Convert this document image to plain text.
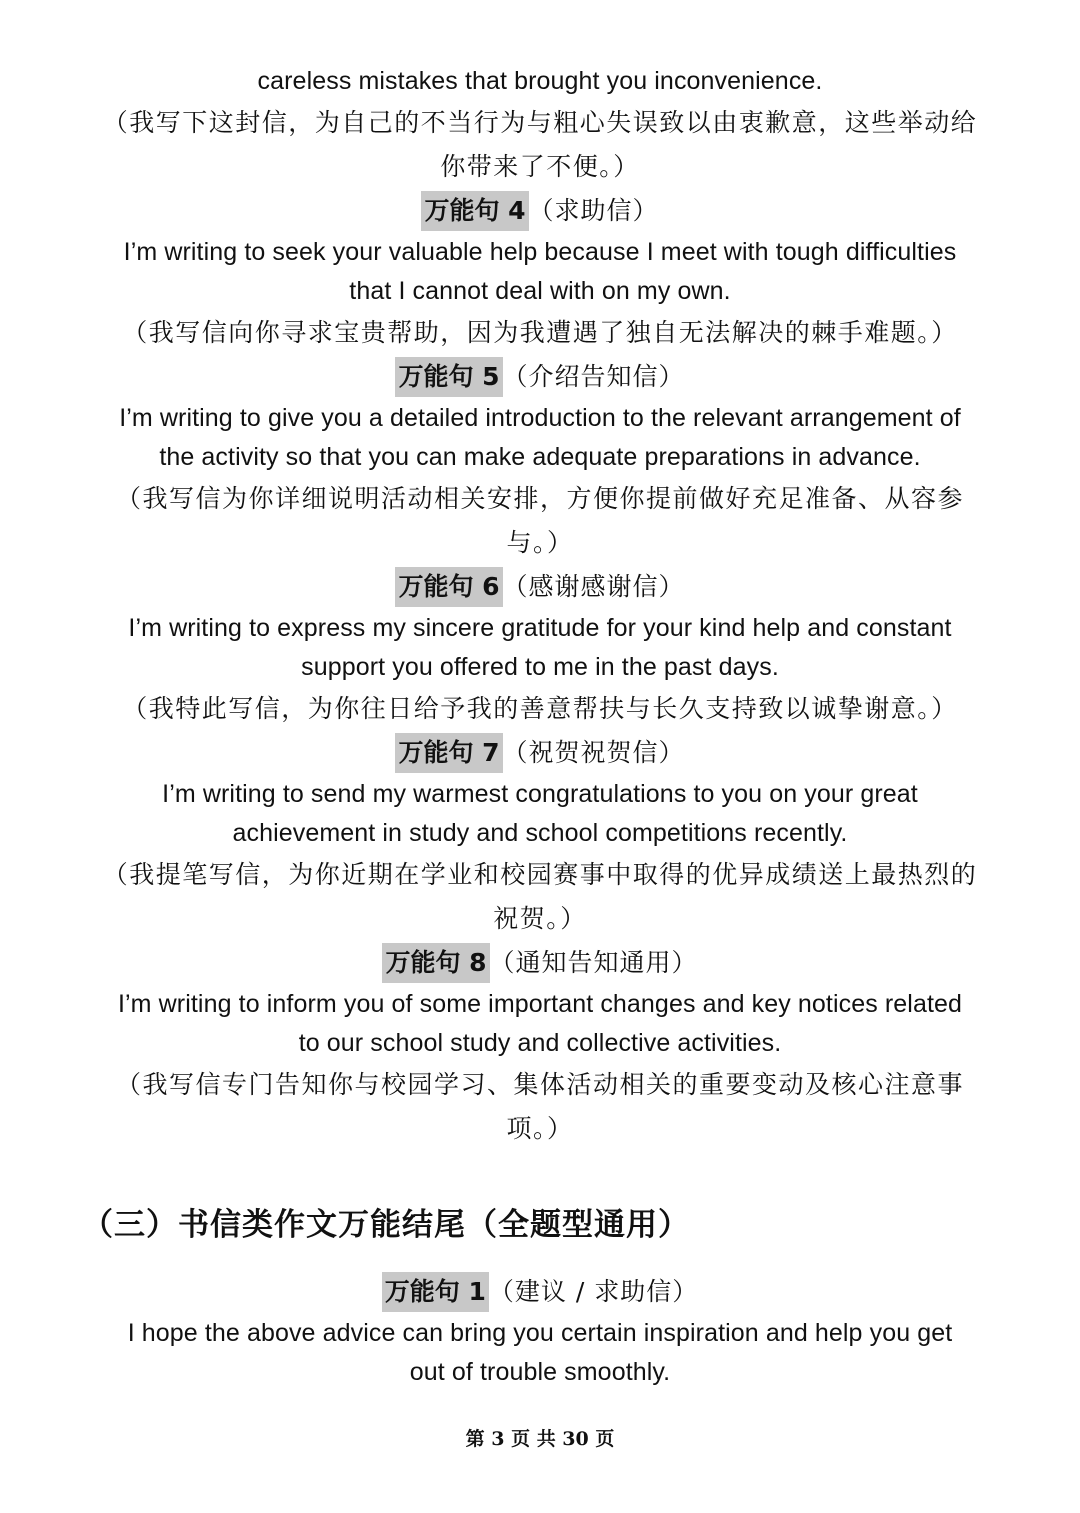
careless mistakes that brought you inconvenience.

（我写下这封信，为自己的不当行为与粗心失误致以由衷歉意，这些举动给

你带来了不便。）

万能句 4 （求助信）

I’m writing to seek your valuable help because I meet with tough difficulties

that I cannot deal with on my own.

（我写信向你寻求宝贵帮助，因为我遭遇了独自无法解决的棘手难题。）

万能句 5 （介绍告知信）

I’m writing to give you a detailed introduction to the relevant arrangement of

the activity so that you can make adequate preparations in advance.

（我写信为你详细说明活动相关安排，方便你提前做好充足准备、从容参

与。）

万能句 6 （感谢感谢信）

I’m writing to express my sincere gratitude for your kind help and constant

support you offered to me in the past days.

（我特此写信，为你往日给予我的善意帮扶与长久支持致以诚挚谢意。）

万能句 7 （祝贺祝贺信）

I’m writing to send my warmest congratulations to you on your great

achievement in study and school competitions recently.

（我提笔写信，为你近期在学业和校园赛事中取得的优异成绩送上最热烈的

祝贺。）

万能句 8 （通知告知通用）

I’m writing to inform you of some important changes and key notices related

to our school study and collective activities.

（我写信专门告知你与校园学习、集体活动相关的重要变动及核心注意事

项。）

（三）书信类作文万能结尾（全题型通用）

万能句 1 （建议 / 求助信）

I hope the above advice can bring you certain inspiration and help you get

out of trouble smoothly.

第 3 页 共 30 页
